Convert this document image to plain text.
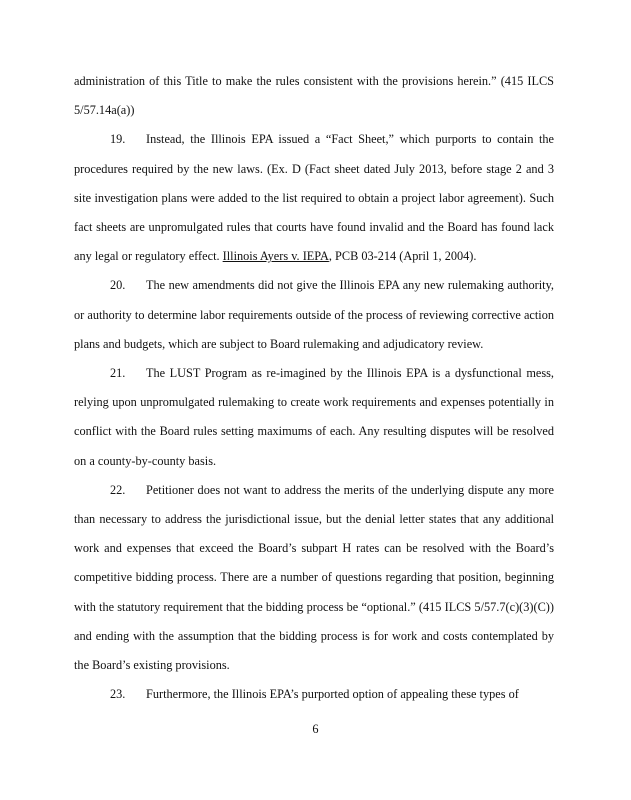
administration of this Title to make the rules consistent with the provisions herein.” (415 ILCS 5/57.14a(a))

19. Instead, the Illinois EPA issued a “Fact Sheet,” which purports to contain the procedures required by the new laws. (Ex. D (Fact sheet dated July 2013, before stage 2 and 3 site investigation plans were added to the list required to obtain a project labor agreement). Such fact sheets are unpromulgated rules that courts have found invalid and the Board has found lack any legal or regulatory effect. Illinois Ayers v. IEPA, PCB 03-214 (April 1, 2004).

20. The new amendments did not give the Illinois EPA any new rulemaking authority, or authority to determine labor requirements outside of the process of reviewing corrective action plans and budgets, which are subject to Board rulemaking and adjudicatory review.

21. The LUST Program as re-imagined by the Illinois EPA is a dysfunctional mess, relying upon unpromulgated rulemaking to create work requirements and expenses potentially in conflict with the Board rules setting maximums of each. Any resulting disputes will be resolved on a county-by-county basis.

22. Petitioner does not want to address the merits of the underlying dispute any more than necessary to address the jurisdictional issue, but the denial letter states that any additional work and expenses that exceed the Board’s subpart H rates can be resolved with the Board’s competitive bidding process. There are a number of questions regarding that position, beginning with the statutory requirement that the bidding process be “optional.” (415 ILCS 5/57.7(c)(3)(C)) and ending with the assumption that the bidding process is for work and costs contemplated by the Board’s existing provisions.

23. Furthermore, the Illinois EPA’s purported option of appealing these types of

6
